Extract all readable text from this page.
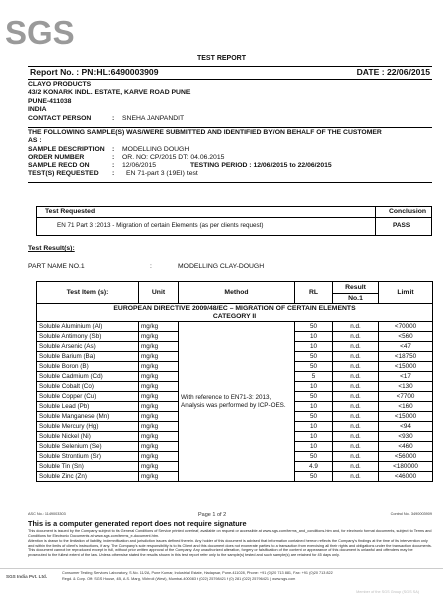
SGS
TEST REPORT
Report No. : PN:HL:6490003909	DATE : 22/06/2015
CLAYO PRODUCTS
43/2 KONARK INDL. ESTATE, KARVE ROAD PUNE
PUNE-411038
INDIA
CONTACT PERSON	: SNEHA JANPANDIT
THE FOLLOWING SAMPLE(S) WAS/WERE SUBMITTED AND IDENTIFIED BY/ON BEHALF OF THE CUSTOMER
AS :
SAMPLE DESCRIPTION : MODELLING DOUGH
ORDER NUMBER	: OR. NO: CP/2015 DT: 04.06.2015
SAMPLE RECD ON	: 12/06/2015	TESTING PERIOD : 12/06/2015 to 22/06/2015
TEST(S) REQUESTED : EN 71-part 3 (19EI) test
Test Requested	Conclusion
EN 71 Part 3 :2013 - Migration of certain Elements (as per clients request)	PASS
Test Result(s):
PART NAME NO.1	:	MODELLING CLAY-DOUGH
Test Item (s):	Unit	Method	RL	Result	Limit
				No.1	

EUROPEAN DIRECTIVE 2009/48/EC – MIGRATION OF CERTAIN ELEMENTS
CATEGORY II					

Soluble Aluminium (Al)	mg/kg	With reference to EN71-3: 2013, Analysis was performed by ICP-OES.	50	n.d.	<70000
Soluble Antimony (Sb)	mg/kg		10	n.d.	<560
Soluble Arsenic (As)	mg/kg		10	n.d.	<47
Soluble Barium (Ba)	mg/kg		50	n.d.	<18750
Soluble Boron (B)	mg/kg		50	n.d.	<15000
Soluble Cadmium (Cd)	mg/kg		5	n.d.	<17
Soluble Cobalt (Co)	mg/kg		10	n.d.	<130
Soluble Copper (Cu)	mg/kg		50	n.d.	<7700
Soluble Lead (Pb)	mg/kg		10	n.d.	<160
Soluble Manganese (Mn)	mg/kg		50	n.d.	<15000
Soluble Mercury (Hg)	mg/kg		10	n.d.	<94
Soluble Nickel (Ni)	mg/kg		10	n.d.	<930
Soluble Selenium (Se)	mg/kg		10	n.d.	<460
Soluble Strontium (Sr)	mg/kg		50	n.d.	<56000
Soluble Tin (Sn)	mg/kg		4.9	n.d.	<180000
Soluble Zinc (Zn)	mg/kg		50	n.d.	<46000
ASC No.: 1149003303	Page 1 of 2	Control No. 3490003909
This is a computer generated report does not require signature
This document is issued by the Company subject to its General Conditions of Service printed overleaf, available on request or accessible at www.sgs.com/terms_and_conditions.htm and, for electronic format documents, subject to Terms and Conditions for Electronic Documents at www.sgs.com/terms_e-document.htm.
Attention is drawn to the limitation of liability, indemnification and jurisdiction issues defined therein. Any holder of this document is advised that information contained hereon reflects the Company's findings at the time of its intervention only and within the limits of client's instructions, if any. The Company's sole responsibility is to its Client and this document does not exonerate parties to a transaction from exercising all their rights and obligations under the transaction documents. This document cannot be reproduced except in full, without prior written approval of the Company. Any unauthorized alteration, forgery or falsification of the content or appearance of this document is unlawful and offenders may be prosecuted to the fullest extent of the law. Unless otherwise stated the results shown in this test report refer only to the sample(s) tested and such sample(s) are retained for 45 days only.
SGS India Pvt. Ltd.
Consumer Testing Services Laboratory, S.No. 11/2A, Pune Kumar, Industrial Estate, Hadapsar, Pune-411028, Phone: +91 (0)20 713 881, Fax: +91 (0)20 713 822
Regd. & Corp. Off: SGS House, 4B, A.S. Marg, Vikhroli (West), Mumbai-400083 t (022) 25798421 f (0) 281 (022) 25796421 | www.sgs.com
Member of the SGS Group (SGS SA)
